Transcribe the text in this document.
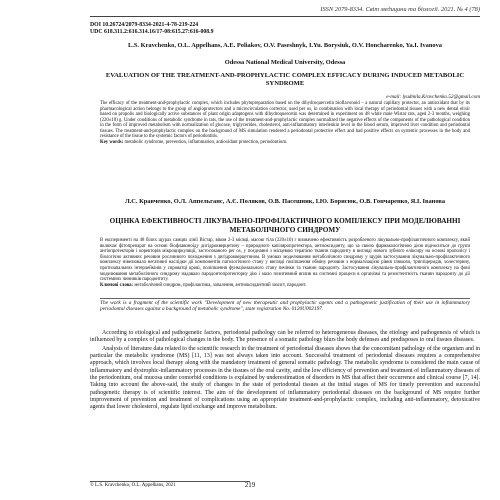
ISSN 2079-8334. Світ медицини та біології. 2021. № 4 (78)
DOI 10.26724/2079-8334-2021-4-78-219-224
UDC 618.311.2:616.314.16/17-08:615.27:616-008.9
L.S. Kravchenko, O.L. Appelhans, A.E. Poliakov, O.V. Paseshnyk, I.Yu. Borysiuk, O.V. Honcharenko, Ya.I. Ivanova
Odessa National Medical University, Odessa
EVALUATION OF THE TREATMENT-AND-PROPHYLACTIC COMPLEX EFFICACY DURING INDUCED METABOLIC SYNDROME
e-mail: lyudmila.Kravchenko.52@gmail.com
The efficacy of the treatment-and-prophylactic complex, which includes phytopreparation based on the dihydroquercetin bioflavonoid – a natural capillary protector, an antioxidant that by its pharmacological action belongs to the group of angioprotectors and a microcirculation corrector, used per os, in combination with local therapy of periodontal tissues with a new dental elixir based on propolis and biologically active substances of plant origin adaptogens with dihydroquercetin was determined in experiment on 48 white male Wistar rats, aged 2-3 months, weighing (220±10) g. Under conditions of metabolic syndrome in rats, the use of the treatment-and-prophylactic complex normalized the negative effects of the components of the pathological condition in the form of improved metabolism with normalization of glucose, triglycerides, cholesterol, anti-inflammatory interleukin level in the blood serum, improved liver condition and periodontal tissues. The treatment-and-prophylactic complex on the background of MS simulation rendered a periodontal protective effect and had positive effects on systemic processes in the body and resistance of the tissue to the systemic factors of periodontitis.
Key words: metabolic syndrome, prevention, inflammation, antioxidant protection, periodontium.
Л.С. Кравченко, О.Л. Аппельганс, А.Є. Поляков, О.В. Пасешник, І.Ю. Борисюк, О.В. Гончаренко, Я.І. Іванова
ОЦІНКА ЕФЕКТИВНОСТІ ЛІКУВАЛЬНО-ПРОФІЛАКТИЧНОГО КОМПЛЕКСУ ПРИ МОДЕЛЮВАННІ МЕТАБОЛІЧНОГО СИНДРОМУ
В експерименті на 48 білих щурах самцях лінії Вістар, віком 2-3 місяці, масою тіла (220±10) г визначено ефективність розробленого лікувально-профілактичного комплексу, який включає фітопрепарат на основі біофлавоноїду дигідрокверцетину – природного капіляропротектора, антиоксиданту, що за своєю фармакологічною дією відноситься до групи ангіопротекторів і коректорів мікроциркуляції, застосованого per os, у поєднанні з місцевою терапією тканин пародонту в вигляді нового зубного еліксиру на основі прополісу і біологічно активних речовин рослинного походження з дигідрокверцетином. В умовах моделювання метаболічного синдрому у щурів застосування лікувально-профілактичного комплексу нівелювало негативні наслідки дії компонентів патологічного стану у вигляді поліпшення обміну речовин з нормалізацією рівня глюкози, тригліцеридів, холестерину, протизапальних інтерлейкінів у сироватці крові, поліпшення функціонального стану печінки та тканин пародонту. Застосування лікувально-профілактичного комплексу на фоні моделювання метаболічного синдрому надавало пародонтопротекторну дію і мало позитивний вплив на системні процеси в організмі та резистентність тканин пародонту до дії системних чинників пародонтиту.
Ключові слова: метаболічний синдром, профілактика, запалення, антиоксидантний захист, пародонт.
The work is a fragment of the scientific work "Development of new therapeutic and prophylactic agents and a pathogenetic justification of their use in inflammatory periodontal diseases against a background of metabolic syndrome", state registration No. 0120U002197.

According to etiological and pathogenetic factors, periodontal pathology can be referred to heterogeneous diseases, the etiology and pathogenesis of which is influenced by a complex of pathological changes in the body. The presence of a somatic pathology blurs the body defenses and predisposes to oral tissues diseases.

Analysis of literature data related to the scientific research in the treatment of periodontal diseases shows that the concomitant pathology of the organism and in particular the metabolic syndrome (MS) [11, 13] was not always taken into account. Successful treatment of periodontal diseases requires a comprehensive approach, which involves local therapy along with the mandatory treatment of general somatic pathology. The metabolic syndrome is considered the main cause of inflammatory and dystrophic-inflammatory processes in the tissues of the oral cavity, and the low efficiency of prevention and treatment of inflammatory diseases of the periodontium, oral mucosa under comorbid conditions is explained by underestimation of disorders in MS that affect their occurrence and clinical course [7, 14]. Taking into account the above-said, the study of changes in the state of periodontal tissues at the initial stages of MS for timely prevention and successful pathogenetic therapy is of scientific interest. The aim of the development of inflammatory periodontal diseases on the background of MS require further improvement of prevention and treatment of complications using an appropriate treatment-and-prophylactic complex, including anti-inflammatory, detoxicative agents that lower cholesterol, regulate lipid exchange and improve metabolism.

© L.S. Kravchenko, O.L. Appelhans, 2021	219
